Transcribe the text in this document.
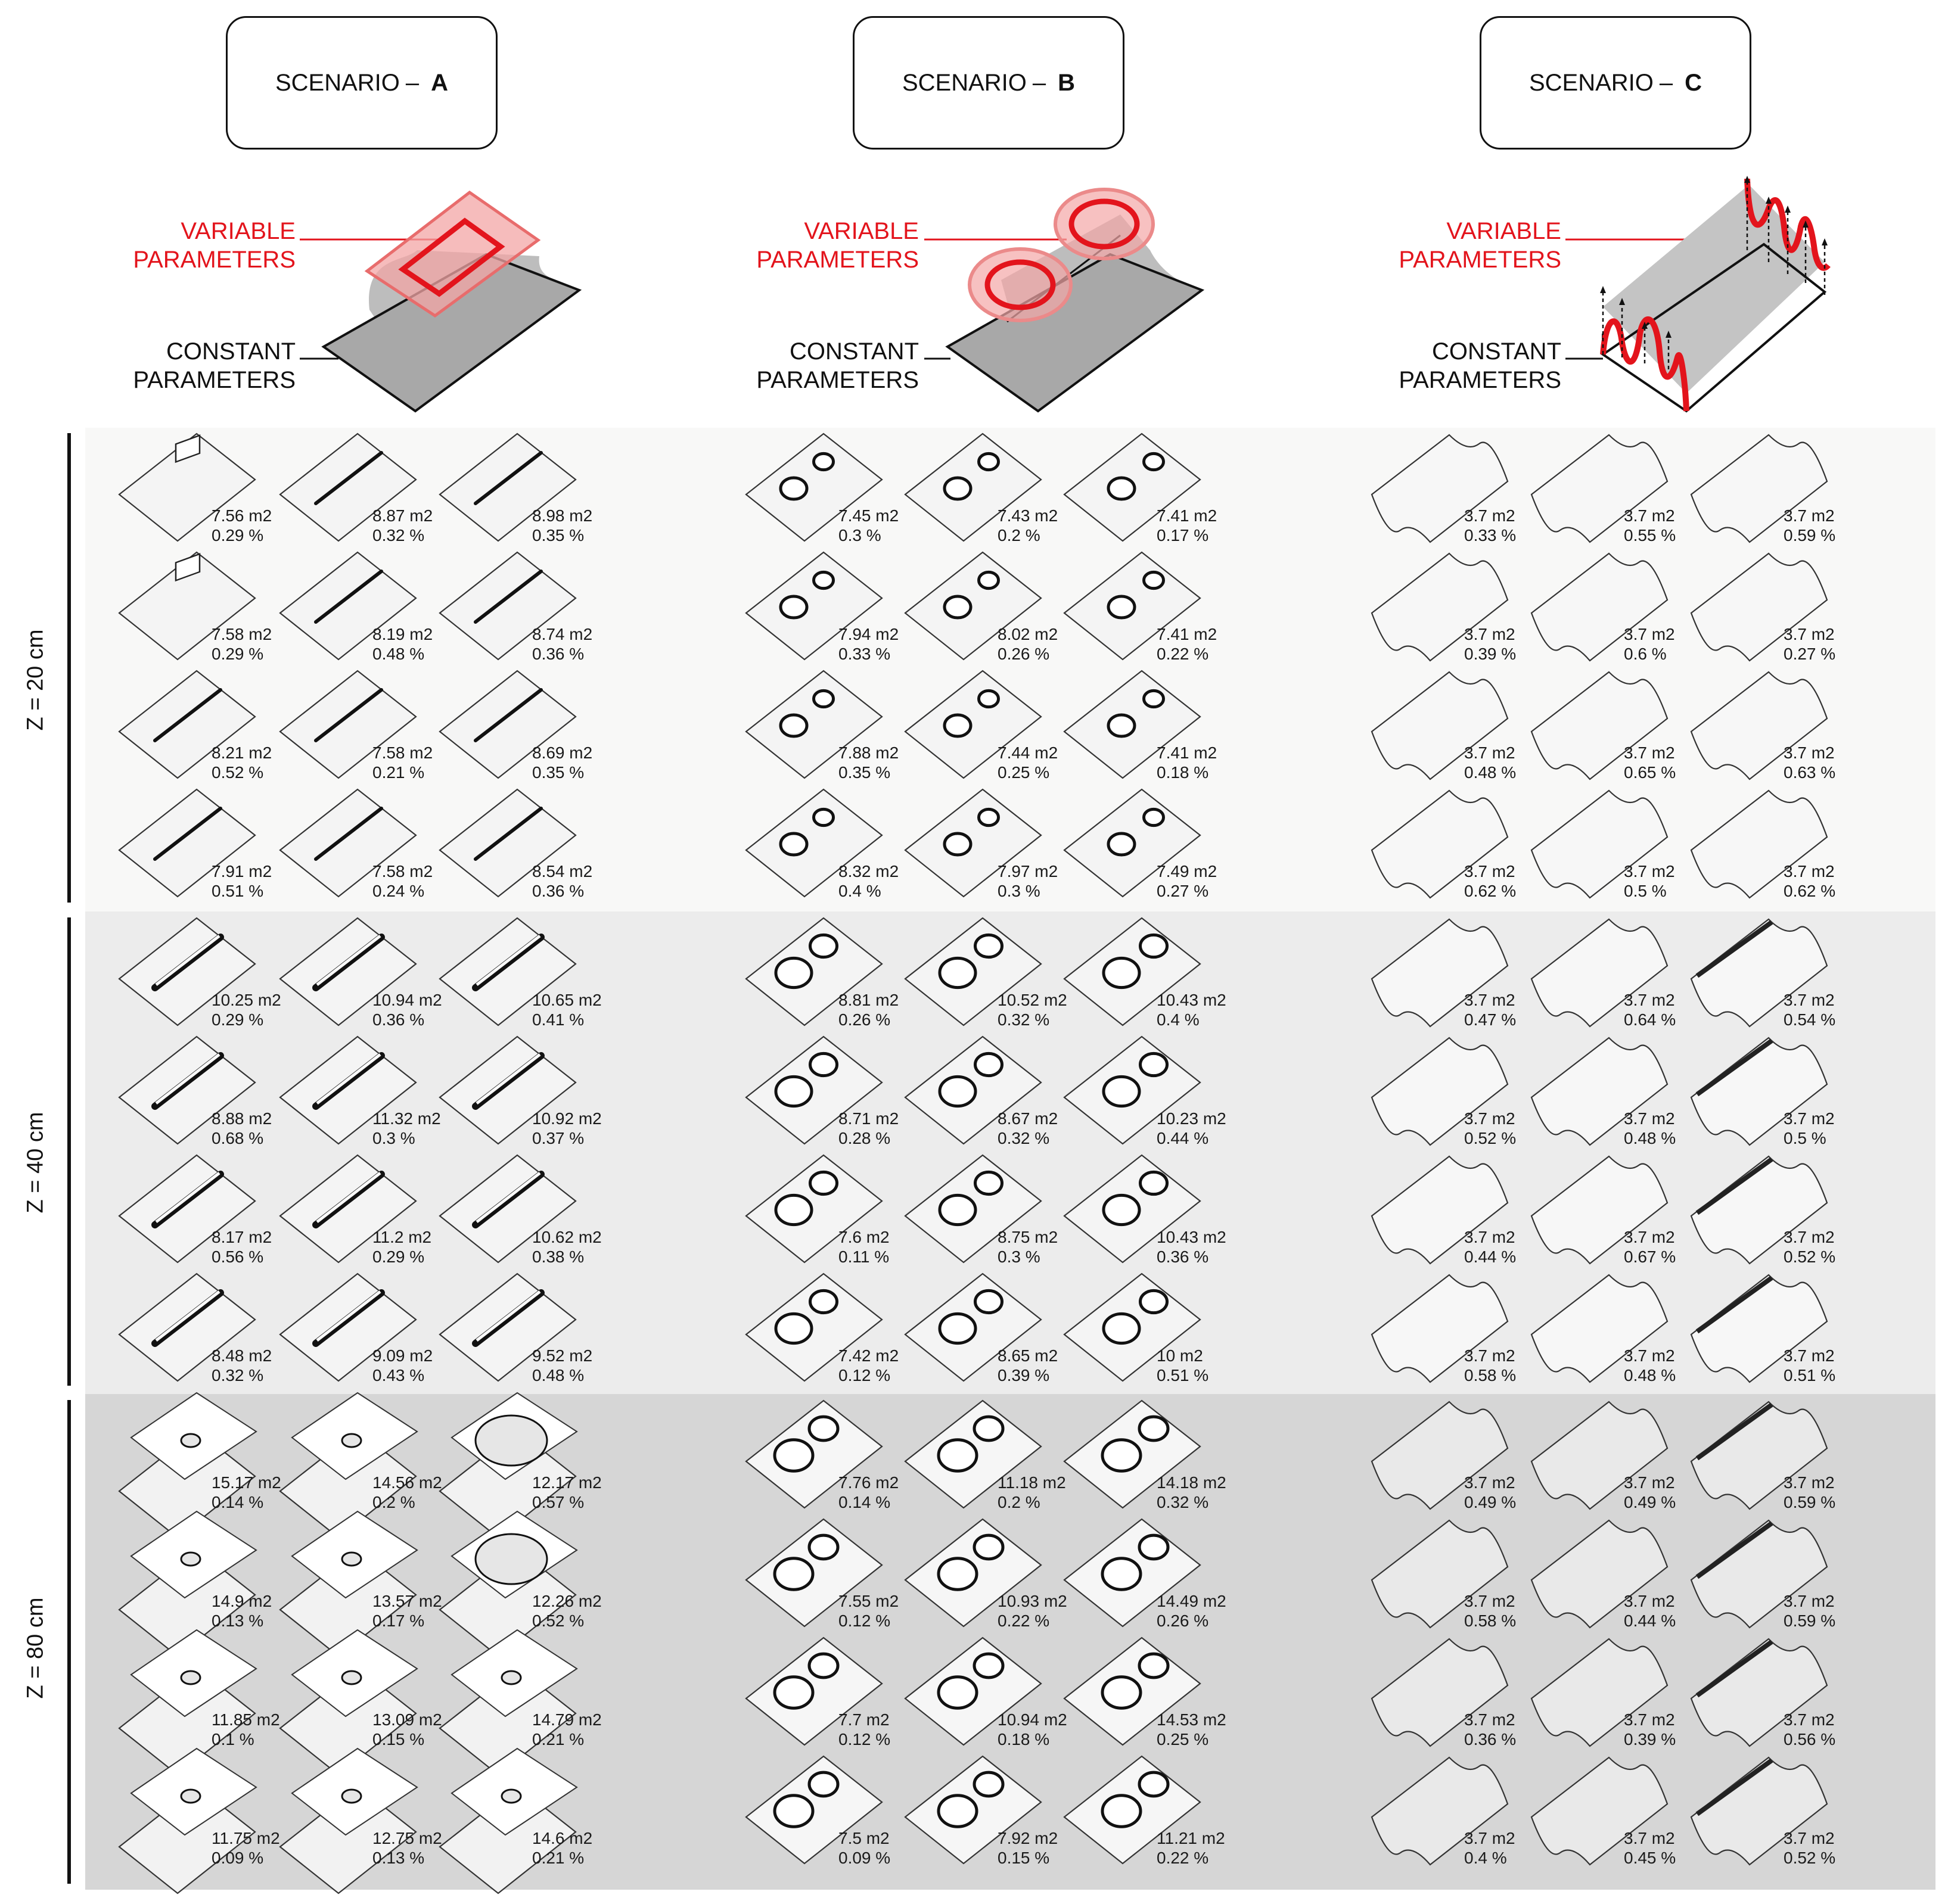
Z = 20 cm
Z = 40 cm
Z = 80 cm
SCENARIO – A	SCENARIO – B	SCENARIO – C
VARIABLE
PARAMETERS
CONSTANT
PARAMETERS
VARIABLE
PARAMETERS
CONSTANT
PARAMETERS
VARIABLE
PARAMETERS
CONSTANT
PARAMETERS
7.56 m2
0.29 %
8.87 m2
0.32 %
8.98 m2
0.35 %
7.58 m2
0.29 %
8.19 m2
0.48 %
8.74 m2
0.36 %
8.21 m2
0.52 %
7.58 m2
0.21 %
8.69 m2
0.35 %
7.91 m2
0.51 %
7.58 m2
0.24 %
8.54 m2
0.36 %
10.25 m2
0.29 %
10.94 m2
0.36 %
10.65 m2
0.41 %
8.88 m2
0.68 %
11.32 m2
0.3 %
10.92 m2
0.37 %
8.17 m2
0.56 %
11.2 m2
0.29 %
10.62 m2
0.38 %
8.48 m2
0.32 %
9.09 m2
0.43 %
9.52 m2
0.48 %
15.17 m2
0.14 %
14.56 m2
0.2 %
12.17 m2
0.57 %
14.9 m2
0.13 %
13.57 m2
0.17 %
12.26 m2
0.52 %
11.85 m2
0.1 %
13.09 m2
0.15 %
14.79 m2
0.21 %
11.75 m2
0.09 %
12.75 m2
0.13 %
14.6 m2
0.21 %
7.45 m2
0.3 %
7.43 m2
0.2 %
7.41 m2
0.17 %
7.94 m2
0.33 %
8.02 m2
0.26 %
7.41 m2
0.22 %
7.88 m2
0.35 %
7.44 m2
0.25 %
7.41 m2
0.18 %
8.32 m2
0.4 %
7.97 m2
0.3 %
7.49 m2
0.27 %
8.81 m2
0.26 %
10.52 m2
0.32 %
10.43 m2
0.4 %
8.71 m2
0.28 %
8.67 m2
0.32 %
10.23 m2
0.44 %
7.6 m2
0.11 %
8.75 m2
0.3 %
10.43 m2
0.36 %
7.42 m2
0.12 %
8.65 m2
0.39 %
10 m2
0.51 %
7.76 m2
0.14 %
11.18 m2
0.2 %
14.18 m2
0.32 %
7.55 m2
0.12 %
10.93 m2
0.22 %
14.49 m2
0.26 %
7.7 m2
0.12 %
10.94 m2
0.18 %
14.53 m2
0.25 %
7.5 m2
0.09 %
7.92 m2
0.15 %
11.21 m2
0.22 %
3.7 m2
0.33 %
3.7 m2
0.55 %
3.7 m2
0.59 %
3.7 m2
0.39 %
3.7 m2
0.6 %
3.7 m2
0.27 %
3.7 m2
0.48 %
3.7 m2
0.65 %
3.7 m2
0.63 %
3.7 m2
0.62 %
3.7 m2
0.5 %
3.7 m2
0.62 %
3.7 m2
0.47 %
3.7 m2
0.64 %
3.7 m2
0.54 %
3.7 m2
0.52 %
3.7 m2
0.48 %
3.7 m2
0.5 %
3.7 m2
0.44 %
3.7 m2
0.67 %
3.7 m2
0.52 %
3.7 m2
0.58 %
3.7 m2
0.48 %
3.7 m2
0.51 %
3.7 m2
0.49 %
3.7 m2
0.49 %
3.7 m2
0.59 %
3.7 m2
0.58 %
3.7 m2
0.44 %
3.7 m2
0.59 %
3.7 m2
0.36 %
3.7 m2
0.39 %
3.7 m2
0.56 %
3.7 m2
0.4 %
3.7 m2
0.45 %
3.7 m2
0.52 %
